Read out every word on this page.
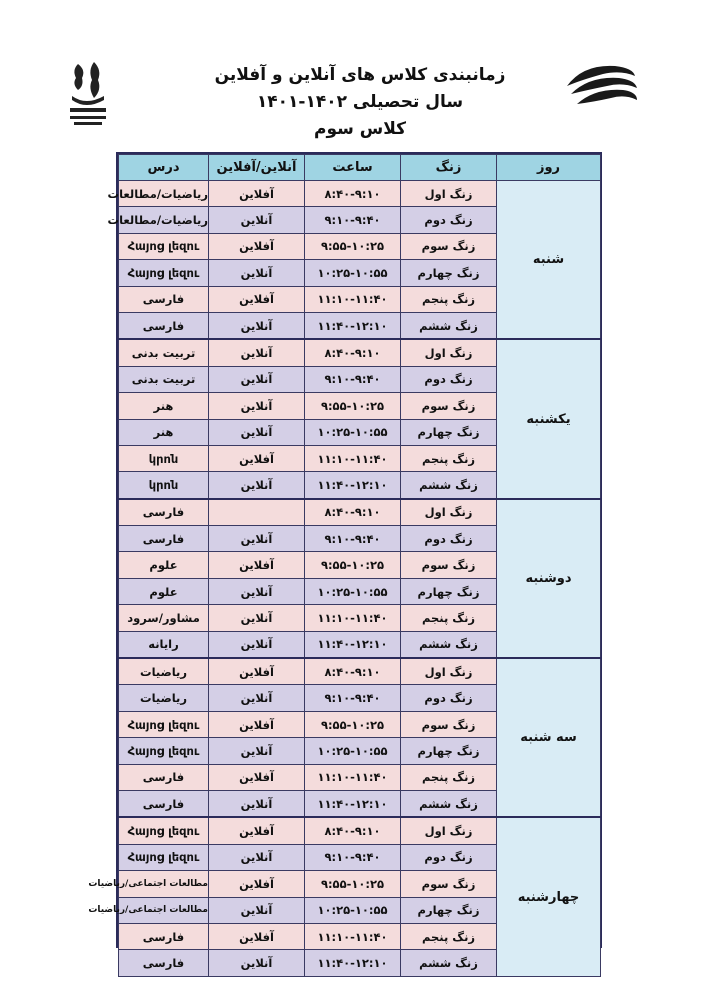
زمانبندی کلاس های آنلاین و آفلاین
سال تحصیلی ۱۴۰۲-۱۴۰۱
کلاس سوم
روز	زنگ	ساعت	آنلاین/آفلاین	درس
شنبه	زنگ اول	۸:۴۰-۹:۱۰	آفلاین	ریاضیات/مطالعات
	زنگ دوم	۹:۱۰-۹:۴۰	آنلاین	ریاضیات/مطالعات
	زنگ سوم	۹:۵۵-۱۰:۲۵	آفلاین	Հայոց լեզու
	زنگ چهارم	۱۰:۲۵-۱۰:۵۵	آنلاین	Հայոց լեզու
	زنگ پنجم	۱۱:۱۰-۱۱:۴۰	آفلاین	فارسی
	زنگ ششم	۱۱:۴۰-۱۲:۱۰	آنلاین	فارسی
یکشنبه	زنگ اول	۸:۴۰-۹:۱۰	آنلاین	تربیت بدنی
	زنگ دوم	۹:۱۰-۹:۴۰	آنلاین	تربیت بدنی
	زنگ سوم	۹:۵۵-۱۰:۲۵	آنلاین	هنر
	زنگ چهارم	۱۰:۲۵-۱۰:۵۵	آنلاین	هنر
	زنگ پنجم	۱۱:۱۰-۱۱:۴۰	آفلاین	կրոն
	زنگ ششم	۱۱:۴۰-۱۲:۱۰	آنلاین	կրոն
دوشنبه	زنگ اول	۸:۴۰-۹:۱۰		فارسی
	زنگ دوم	۹:۱۰-۹:۴۰	آنلاین	فارسی
	زنگ سوم	۹:۵۵-۱۰:۲۵	آفلاین	علوم
	زنگ چهارم	۱۰:۲۵-۱۰:۵۵	آنلاین	علوم
	زنگ پنجم	۱۱:۱۰-۱۱:۴۰	آنلاین	مشاور/سرود
	زنگ ششم	۱۱:۴۰-۱۲:۱۰	آنلاین	رایانه
سه شنبه	زنگ اول	۸:۴۰-۹:۱۰	آفلاین	ریاضیات
	زنگ دوم	۹:۱۰-۹:۴۰	آنلاین	ریاضیات
	زنگ سوم	۹:۵۵-۱۰:۲۵	آفلاین	Հայոց լեզու
	زنگ چهارم	۱۰:۲۵-۱۰:۵۵	آنلاین	Հայոց լեզու
	زنگ پنجم	۱۱:۱۰-۱۱:۴۰	آفلاین	فارسی
	زنگ ششم	۱۱:۴۰-۱۲:۱۰	آنلاین	فارسی
چهارشنبه	زنگ اول	۸:۴۰-۹:۱۰	آفلاین	Հայոց լեզու
	زنگ دوم	۹:۱۰-۹:۴۰	آنلاین	Հայոց լեզու
	زنگ سوم	۹:۵۵-۱۰:۲۵	آفلاین	مطالعات اجتماعی/ریاضیات
	زنگ چهارم	۱۰:۲۵-۱۰:۵۵	آنلاین	مطالعات اجتماعی/ریاضیات
	زنگ پنجم	۱۱:۱۰-۱۱:۴۰	آفلاین	فارسی
	زنگ ششم	۱۱:۴۰-۱۲:۱۰	آنلاین	فارسی
